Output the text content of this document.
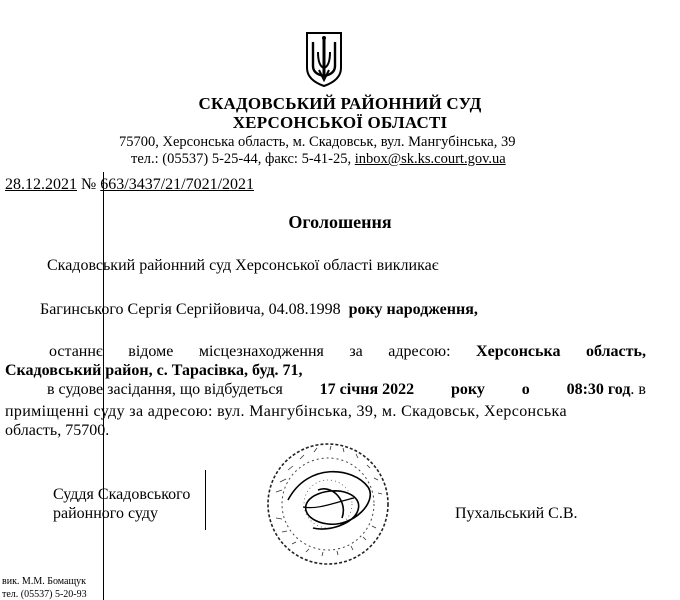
СКАДОВСЬКИЙ РАЙОННИЙ СУД
ХЕРСОНСЬКОЇ ОБЛАСТІ
75700, Херсонська область, м. Скадовськ, вул. Мангубінська, 39
тел.: (05537) 5-25-44, факс: 5-41-25, inbox@sk.ks.court.gov.ua
28.12.2021 № 663/3437/21/7021/2021
Оголошення
Скадовський районний суд Херсонської області викликає
Багинського Сергія Сергійовича, 04.08.1998 року народження,
останнє відоме місцезнаходження за адресою: Херсонська область,
Скадовський район, с. Тарасівка, буд. 71,
в судове засідання, що відбудеться 17 січня 2022 року о 08:30 год. в
приміщенні суду за адресою: вул. Мангубінська, 39, м. Скадовськ, Херсонська
область, 75700.
Суддя Скадовського
районного суду	Пухальський С.В.
вик. М.М. Бомащук
тел. (05537) 5-20-93
